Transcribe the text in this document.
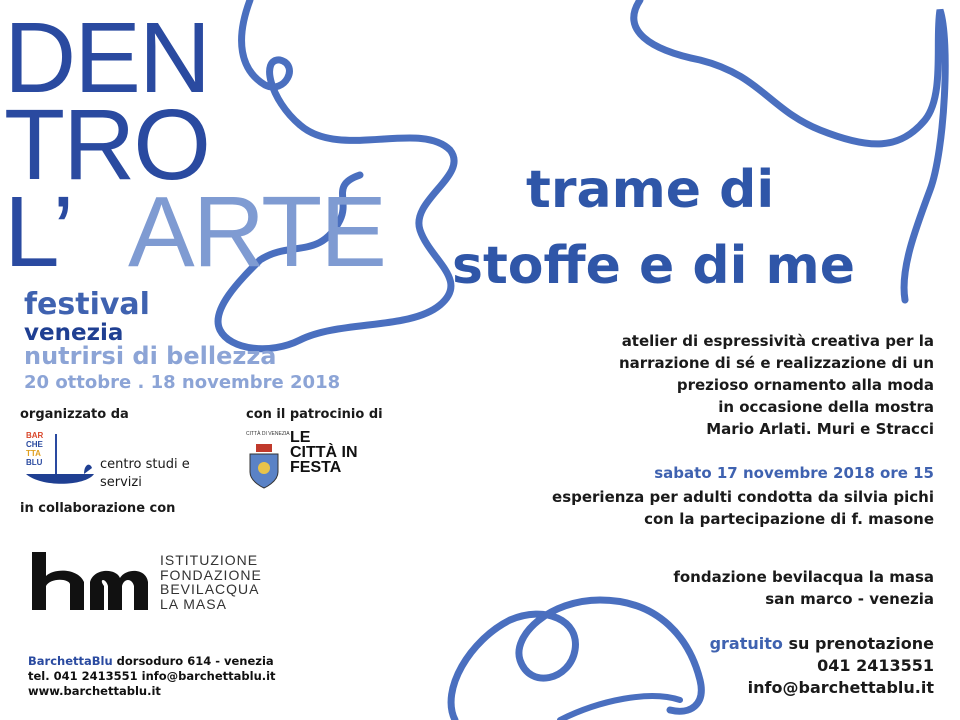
DEN
TRO
L’ ARTE
festival
venezia
nutrirsi di bellezza
20 ottobre . 18 novembre 2018
organizzato da	con il patrocinio di
BAR
CHE
TTA
BLU	centro studi e servizi
CITTÀ DI VENEZIA LE CITTÀ IN FESTA
in collaborazione con
ISTITUZIONE FONDAZIONE BEVILACQUA LA MASA
BarchettaBlu dorsoduro 614 - venezia
tel. 041 2413551 info@barchettablu.it
www.barchettablu.it
trame di
stoffe e di me
atelier di espressività creativa per la
narrazione di sé e realizzazione di un
prezioso ornamento alla moda
in occasione della mostra
Mario Arlati. Muri e Stracci
sabato 17 novembre 2018 ore 15
esperienza per adulti condotta da silvia pichi
con la partecipazione di f. masone
fondazione bevilacqua la masa
san marco - venezia
gratuito su prenotazione
041 2413551
info@barchettablu.it
